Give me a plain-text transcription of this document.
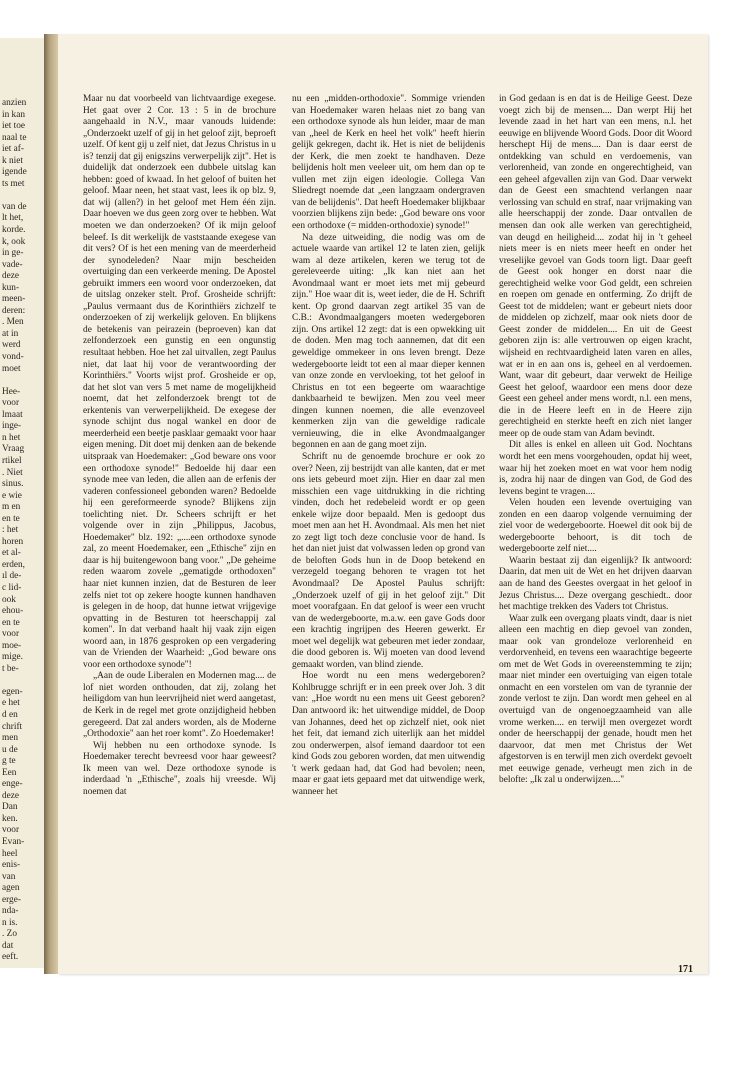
anzien
in kan
iet toe
naal te
iet af-
k niet
igende
ts met
van de
lt het,
korde.
k, ook
in ge-
vade-
deze
kun-
meen-
deren:
. Men
at in
werd
vond-
moet
Hee-
voor
lmaat
inge-
n het
Vraag
rtikel
. Niet
sinus.
e wie
m en
en te
: het
horen
et al-
erden,
ıl de-
c lid-
ook
ehou-
en te
voor
moe-
mige.
t be-
egen-
e het
d en
chrift
men
u de
g te
Een
enge-
deze
Dan
ken.
voor
Evan-
heel
enis-
van
agen
erge-
nda-
n is.
. Zo
dat
eeft.

Maar nu dat voorbeeld van lichtvaardige exegese. Het gaat over 2 Cor. 13 : 5 in de brochure aangehaald in N.V., maar vanouds luidende: „Onderzoekt uzelf of gij in het geloof zijt, beproeft uzelf. Of kent gij u zelf niet, dat Jezus Christus in u is? tenzij dat gij enigszins verwerpelijk zijt". Het is duidelijk dat onderzoek een dubbele uitslag kan hebben: goed of kwaad. In het geloof of buiten het geloof. Maar neen, het staat vast, lees ik op blz. 9, dat wij (allen?) in het geloof met Hem één zijn. Daar hoeven we dus geen zorg over te hebben. Wat moeten we dan onderzoeken? Of ik mijn geloof beleef. Is dit werkelijk de vaststaande exegese van dit vers? Of is het een mening van de meerderheid der synodeleden? Naar mijn bescheiden overtuiging dan een verkeerde mening. De Apostel gebruikt immers een woord voor onderzoeken, dat de uitslag onzeker stelt. Prof. Grosheide schrijft: „Paulus vermaant dus de Korinthiërs zichzelf te onderzoeken of zij werkelijk geloven. En blijkens de betekenis van peirazein (beproeven) kan dat zelfonderzoek een gunstig en een ongunstig resultaat hebben. Hoe het zal uitvallen, zegt Paulus niet, dat laat hij voor de verantwoording der Korinthiërs." Voorts wijst prof. Grosheide er op, dat het slot van vers 5 met name de mogelijkheid noemt, dat het zelfonderzoek brengt tot de erkentenis van verwerpelijkheid. De exegese der synode schijnt dus nogal wankel en door de meerderheid een beetje pasklaar gemaakt voor haar eigen mening. Dit doet mij denken aan de bekende uitspraak van Hoedemaker: „God beware ons voor een orthodoxe synode!" Bedoelde hij daar een synode mee van leden, die allen aan de erfenis der vaderen confessioneel gebonden waren? Bedoelde hij een gereformeerde synode? Blijkens zijn toelichting niet. Dr. Scheers schrijft er het volgende over in zijn „Philippus, Jacobus, Hoedemaker" blz. 192: „....een orthodoxe synode zal, zo meent Hoedemaker, een „Ethische" zijn en daar is hij buitengewoon bang voor." „De geheime reden waarom zovele „gematigde orthodoxen" haar niet kunnen inzien, dat de Besturen de leer zelfs niet tot op zekere hoogte kunnen handhaven is gelegen in de hoop, dat hunne ietwat vrijgevige opvatting in de Besturen tot heerschappij zal komen". In dat verband haalt hij vaak zijn eigen woord aan, in 1876 gesproken op een vergadering van de Vrienden der Waarheid: „God beware ons voor een orthodoxe synode"!

„Aan de oude Liberalen en Modernen mag.... de lof niet worden onthouden, dat zij, zolang het heiligdom van hun leervrijheid niet werd aangetast, de Kerk in de regel met grote onzijdigheid hebben geregeerd. Dat zal anders worden, als de Moderne „Orthodoxie" aan het roer komt". Zo Hoedemaker!

Wij hebben nu een orthodoxe synode. Is Hoedemaker terecht bevreesd voor haar geweest? Ik meen van wel. Deze orthodoxe synode is inderdaad 'n „Ethische", zoals hij vreesde. Wij noemen dat

nu een „midden-orthodoxie". Sommige vrienden van Hoedemaker waren helaas niet zo bang van een orthodoxe synode als hun leider, maar de man van „heel de Kerk en heel het volk" heeft hierin gelijk gekregen, dacht ik. Het is niet de belijdenis der Kerk, die men zoekt te handhaven. Deze belijdenis holt men veeleer uit, om hem dan op te vullen met zijn eigen ideologie. Collega Van Sliedregt noemde dat „een langzaam ondergraven van de belijdenis". Dat heeft Hoedemaker blijkbaar voorzien blijkens zijn bede: „God beware ons voor een orthodoxe (= midden-orthodoxie) synode!"

Na deze uitweiding, die nodig was om de actuele waarde van artikel 12 te laten zien, gelijk wam al deze artikelen, keren we terug tot de gereleveerde uiting: „Ik kan niet aan het Avondmaal want er moet iets met mij gebeurd zijn." Hoe waar dit is, weet ieder, die de H. Schrift kent. Op grond daarvan zegt artikel 35 van de C.B.: Avondmaalgangers moeten wedergeboren zijn. Ons artikel 12 zegt: dat is een opwekking uit de doden. Men mag toch aannemen, dat dit een geweldige ommekeer in ons leven brengt. Deze wedergeboorte leidt tot een al maar dieper kennen van onze zonde en vervloeking, tot het geloof in Christus en tot een begeerte om waarachtige dankbaarheid te bewijzen. Men zou veel meer dingen kunnen noemen, die alle evenzoveel kenmerken zijn van die geweldige radicale vernieuwing, die in elke Avondmaalganger begonnen en aan de gang moet zijn.

Schrift nu de genoemde brochure er ook zo over? Neen, zij bestrijdt van alle kanten, dat er met ons iets gebeurd moet zijn. Hier en daar zal men misschien een vage uitdrukking in die richting vinden, doch het redebeleid wordt er op geen enkele wijze door bepaald. Men is gedoopt dus moet men aan het H. Avondmaal. Als men het niet zo zegt ligt toch deze conclusie voor de hand. Is het dan niet juist dat volwassen leden op grond van de beloften Gods hun in de Doop betekend en verzegeld toegang behoren te vragen tot het Avondmaal? De Apostel Paulus schrijft: „Onderzoek uzelf of gij in het geloof zijt." Dit moet voorafgaan. En dat geloof is weer een vrucht van de wedergeboorte, m.a.w. een gave Gods door een krachtig ingrijpen des Heeren gewerkt. Er moet wel degelijk wat gebeuren met ieder zondaar, die dood geboren is. Wij moeten van dood levend gemaakt worden, van blind ziende.

Hoe wordt nu een mens wedergeboren? Kohlbrugge schrijft er in een preek over Joh. 3 dit van: „Hoe wordt nu een mens uit Geest geboren? Dan antwoord ik: het uitwendige middel, de Doop van Johannes, deed het op zichzelf niet, ook niet het feit, dat iemand zich uiterlijk aan het middel zou onderwerpen, alsof iemand daardoor tot een kind Gods zou geboren worden, dat men uitwendig 't werk gedaan had, dat God had bevolen; neen, maar er gaat iets gepaard met dat uitwendige werk, wanneer het

in God gedaan is en dat is de Heilige Geest. Deze voegt zich bij de mensen.... Dan werpt Hij het levende zaad in het hart van een mens, n.l. het eeuwige en blijvende Woord Gods. Door dit Woord herschept Hij de mens.... Dan is daar eerst de ontdekking van schuld en verdoemenis, van verlorenheid, van zonde en ongerechtigheid, van een geheel afgevallen zijn van God. Daar verwekt dan de Geest een smachtend verlangen naar verlossing van schuld en straf, naar vrijmaking van alle heerschappij der zonde. Daar ontvallen de mensen dan ook alle werken van gerechtigheid, van deugd en heiligheid.... zodat hij in 't geheel niets meer is en niets meer heeft en onder het vreselijke gevoel van Gods toorn ligt. Daar geeft de Geest ook honger en dorst naar die gerechtigheid welke voor God geldt, een schreien en roepen om genade en ontferming. Zo drijft de Geest tot de middelen; want er gebeurt niets door de middelen op zichzelf, maar ook niets door de Geest zonder de middelen.... En uit de Geest geboren zijn is: alle vertrouwen op eigen kracht, wijsheid en rechtvaardigheid laten varen en alles, wat er in en aan ons is, geheel en al verdoemen. Want, waar dit gebeurt, daar verwekt de Heilige Geest het geloof, waardoor een mens door deze Geest een geheel ander mens wordt, n.l. een mens, die in de Heere leeft en in de Heere zijn gerechtigheid en sterkte heeft en zich niet langer meer op de oude stam van Adam bevindt.

Dit alles is enkel en alleen uit God. Nochtans wordt het een mens voorgehouden, opdat hij weet, waar hij het zoeken moet en wat voor hem nodig is, zodra hij naar de dingen van God, de God des levens begint te vragen....

Velen houden een levende overtuiging van zonden en een daarop volgende vernuiming der ziel voor de wedergeboorte. Hoewel dit ook bij de wedergeboorte behoort, is dit toch de wedergeboorte zelf niet....

Waarin bestaat zij dan eigenlijk? Ik antwoord: Daarin, dat men uit de Wet en het drijven daarvan aan de hand des Geestes overgaat in het geloof in Jezus Christus.... Deze overgang geschiedt.. door het machtige trekken des Vaders tot Christus.

Waar zulk een overgang plaats vindt, daar is niet alleen een machtig en diep gevoel van zonden, maar ook van grondeloze verlorenheid en verdorvenheid, en tevens een waarachtige begeerte om met de Wet Gods in overeenstemming te zijn; maar niet minder een overtuiging van eigen totale onmacht en een vorstelen om van de tyrannie der zonde verlost te zijn. Dan wordt men geheel en al overtuigd van de ongenoegzaamheid van alle vrome werken.... en terwijl men overgezet wordt onder de heerschappij der genade, houdt men het daarvoor, dat men met Christus der Wet afgestorven is en terwijl men zich overdekt gevoelt met eeuwige genade, verheugt men zich in de belofte: „Ik zal u onderwijzen...."

171
